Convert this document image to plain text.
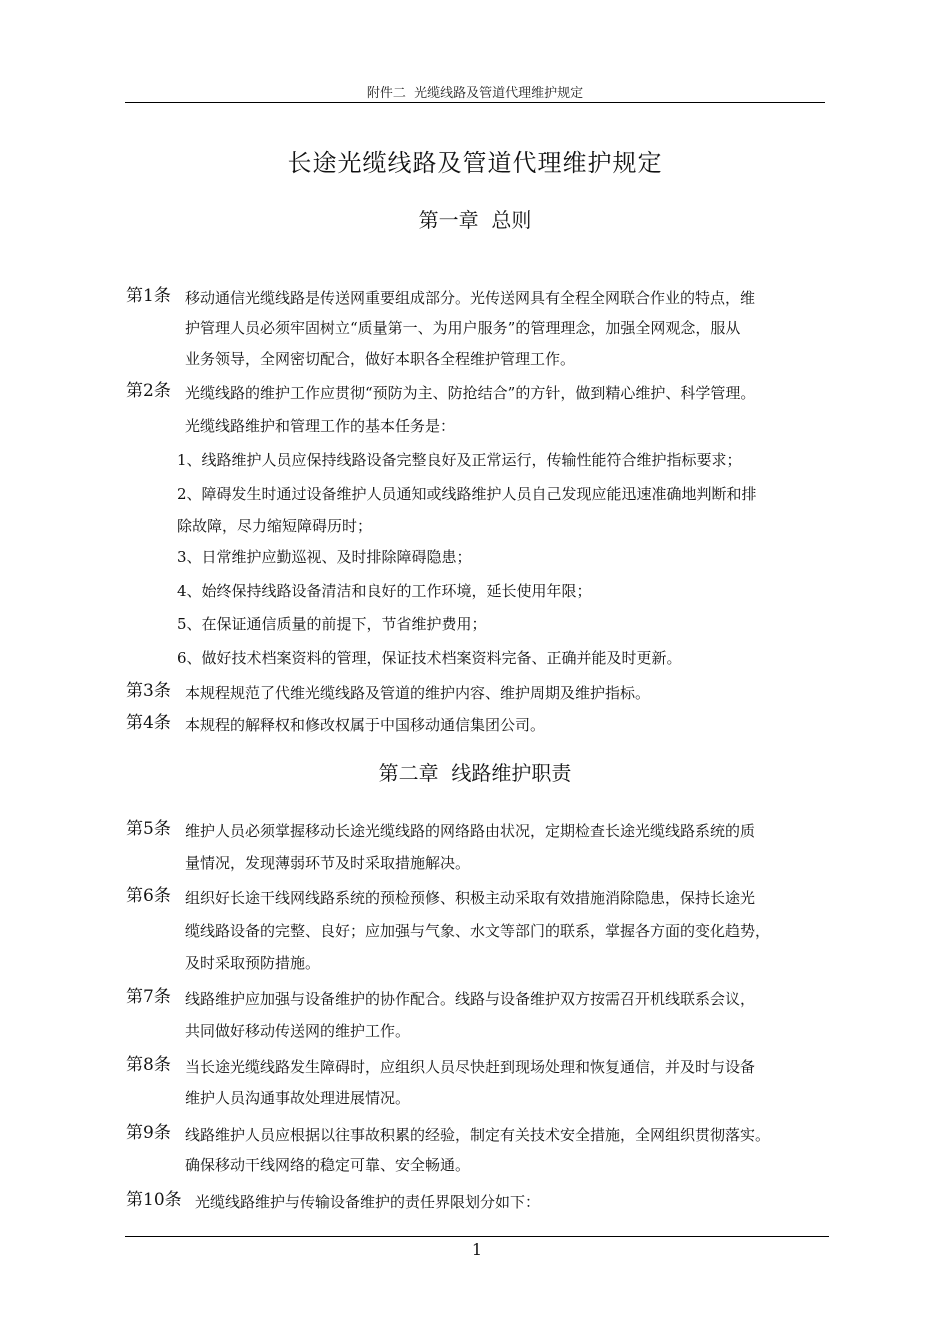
附件二 光缆线路及管道代理维护规定
长途光缆线路及管道代理维护规定
第一章 总则
第1条 移动通信光缆线路是传送网重要组成部分。光传送网具有全程全网联合作业的特点，维
护管理人员必须牢固树立“质量第一、为用户服务”的管理理念，加强全网观念，服从
业务领导，全网密切配合，做好本职各全程维护管理工作。
第2条 光缆线路的维护工作应贯彻“预防为主、防抢结合”的方针，做到精心维护、科学管理。
光缆线路维护和管理工作的基本任务是：
1、线路维护人员应保持线路设备完整良好及正常运行，传输性能符合维护指标要求；
2、障碍发生时通过设备维护人员通知或线路维护人员自己发现应能迅速准确地判断和排
除故障，尽力缩短障碍历时；
3、日常维护应勤巡视、及时排除障碍隐患；
4、始终保持线路设备清洁和良好的工作环境，延长使用年限；
5、在保证通信质量的前提下，节省维护费用；
6、做好技术档案资料的管理，保证技术档案资料完备、正确并能及时更新。
第3条 本规程规范了代维光缆线路及管道的维护内容、维护周期及维护指标。
第4条 本规程的解释权和修改权属于中国移动通信集团公司。
第二章 线路维护职责
第5条 维护人员必须掌握移动长途光缆线路的网络路由状况，定期检查长途光缆线路系统的质
量情况，发现薄弱环节及时采取措施解决。
第6条 组织好长途干线网线路系统的预检预修、积极主动采取有效措施消除隐患，保持长途光
缆线路设备的完整、良好；应加强与气象、水文等部门的联系，掌握各方面的变化趋势，
及时采取预防措施。
第7条 线路维护应加强与设备维护的协作配合。线路与设备维护双方按需召开机线联系会议，
共同做好移动传送网的维护工作。
第8条 当长途光缆线路发生障碍时，应组织人员尽快赶到现场处理和恢复通信，并及时与设备
维护人员沟通事故处理进展情况。
第9条 线路维护人员应根据以往事故积累的经验，制定有关技术安全措施，全网组织贯彻落实。
确保移动干线网络的稳定可靠、安全畅通。
第10条 光缆线路维护与传输设备维护的责任界限划分如下：
1
